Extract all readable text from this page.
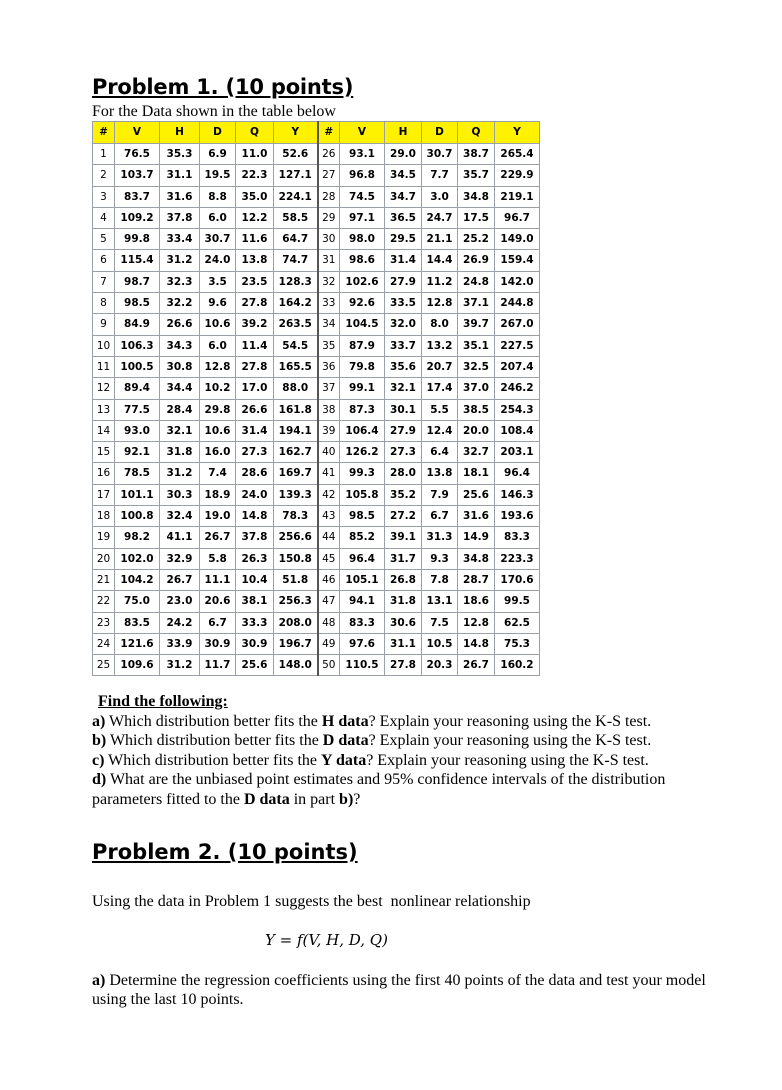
Problem 1. (10 points)
For the Data shown in the table below
#	V	H	D	Q	Y	#	V	H	D	Q	Y
1	76.5	35.3	6.9	11.0	52.6	26	93.1	29.0	30.7	38.7	265.4
2	103.7	31.1	19.5	22.3	127.1	27	96.8	34.5	7.7	35.7	229.9
3	83.7	31.6	8.8	35.0	224.1	28	74.5	34.7	3.0	34.8	219.1
4	109.2	37.8	6.0	12.2	58.5	29	97.1	36.5	24.7	17.5	96.7
5	99.8	33.4	30.7	11.6	64.7	30	98.0	29.5	21.1	25.2	149.0
6	115.4	31.2	24.0	13.8	74.7	31	98.6	31.4	14.4	26.9	159.4
7	98.7	32.3	3.5	23.5	128.3	32	102.6	27.9	11.2	24.8	142.0
8	98.5	32.2	9.6	27.8	164.2	33	92.6	33.5	12.8	37.1	244.8
9	84.9	26.6	10.6	39.2	263.5	34	104.5	32.0	8.0	39.7	267.0
10	106.3	34.3	6.0	11.4	54.5	35	87.9	33.7	13.2	35.1	227.5
11	100.5	30.8	12.8	27.8	165.5	36	79.8	35.6	20.7	32.5	207.4
12	89.4	34.4	10.2	17.0	88.0	37	99.1	32.1	17.4	37.0	246.2
13	77.5	28.4	29.8	26.6	161.8	38	87.3	30.1	5.5	38.5	254.3
14	93.0	32.1	10.6	31.4	194.1	39	106.4	27.9	12.4	20.0	108.4
15	92.1	31.8	16.0	27.3	162.7	40	126.2	27.3	6.4	32.7	203.1
16	78.5	31.2	7.4	28.6	169.7	41	99.3	28.0	13.8	18.1	96.4
17	101.1	30.3	18.9	24.0	139.3	42	105.8	35.2	7.9	25.6	146.3
18	100.8	32.4	19.0	14.8	78.3	43	98.5	27.2	6.7	31.6	193.6
19	98.2	41.1	26.7	37.8	256.6	44	85.2	39.1	31.3	14.9	83.3
20	102.0	32.9	5.8	26.3	150.8	45	96.4	31.7	9.3	34.8	223.3
21	104.2	26.7	11.1	10.4	51.8	46	105.1	26.8	7.8	28.7	170.6
22	75.0	23.0	20.6	38.1	256.3	47	94.1	31.8	13.1	18.6	99.5
23	83.5	24.2	6.7	33.3	208.0	48	83.3	30.6	7.5	12.8	62.5
24	121.6	33.9	30.9	30.9	196.7	49	97.6	31.1	10.5	14.8	75.3
25	109.6	31.2	11.7	25.6	148.0	50	110.5	27.8	20.3	26.7	160.2

Find the following:

a) Which distribution better fits the H data? Explain your reasoning using the K-S test.

b) Which distribution better fits the D data? Explain your reasoning using the K-S test.

c) Which distribution better fits the Y data? Explain your reasoning using the K-S test.

d) What are the unbiased point estimates and 95% confidence intervals of the distribution parameters fitted to the D data in part b)?

Problem 2. (10 points)
Using the data in Problem 1 suggests the best  nonlinear relationship
Y = f(V, H, D, Q)
a) Determine the regression coefficients using the first 40 points of the data and test your model using the last 10 points.
